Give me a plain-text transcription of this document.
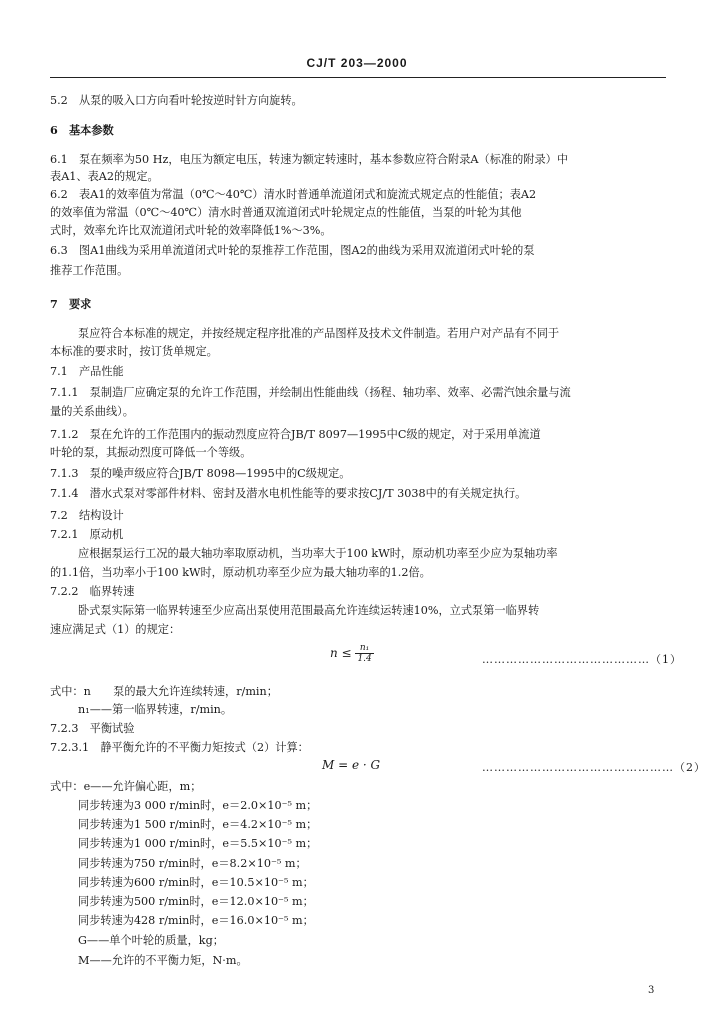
CJ/T 203—2000
5.2　从泵的吸入口方向看叶轮按逆时针方向旋转。
6　基本参数
6.1　泵在频率为50 Hz，电压为额定电压，转速为额定转速时，基本参数应符合附录A（标准的附录）中
表A1、表A2的规定。
6.2　表A1的效率值为常温（0℃～40℃）清水时普通单流道闭式和旋流式规定点的性能值；表A2
的效率值为常温（0℃～40℃）清水时普通双流道闭式叶轮规定点的性能值，当泵的叶轮为其他
式时，效率允许比双流道闭式叶轮的效率降低1%～3%。
6.3　图A1曲线为采用单流道闭式叶轮的泵推荐工作范围，图A2的曲线为采用双流道闭式叶轮的泵
推荐工作范围。
7　要求
泵应符合本标准的规定，并按经规定程序批准的产品图样及技术文件制造。若用户对产品有不同于
本标准的要求时，按订货单规定。
7.1　产品性能
7.1.1　泵制造厂应确定泵的允许工作范围，并绘制出性能曲线（扬程、轴功率、效率、必需汽蚀余量与流
量的关系曲线）。
7.1.2　泵在允许的工作范围内的振动烈度应符合JB/T 8097—1995中C级的规定，对于采用单流道
叶轮的泵，其振动烈度可降低一个等级。
7.1.3　泵的噪声级应符合JB/T 8098—1995中的C级规定。
7.1.4　潜水式泵对零部件材料、密封及潜水电机性能等的要求按CJ/T 3038中的有关规定执行。
7.2　结构设计
7.2.1　原动机
应根据泵运行工况的最大轴功率取原动机，当功率大于100 kW时，原动机功率至少应为泵轴功率
的1.1倍，当功率小于100 kW时，原动机功率至少应为最大轴功率的1.2倍。
7.2.2　临界转速
卧式泵实际第一临界转速至少应高出泵使用范围最高允许连续运转速10%，立式泵第一临界转
速应满足式（1）的规定：
$n \le \frac{\text{n₁}}{1.4}$	……………………………………（1）
式中：n　　泵的最大允许连续转速，r/min；
n₁——第一临界转速，r/min。
7.2.3　平衡试验
7.2.3.1　静平衡允许的不平衡力矩按式（2）计算：
M = e · G	…………………………………………（2）
式中：e——允许偏心距，m；
同步转速为3 000 r/min时，e＝2.0×10⁻⁵ m；
同步转速为1 500 r/min时，e＝4.2×10⁻⁵ m；
同步转速为1 000 r/min时，e＝5.5×10⁻⁵ m；
同步转速为750 r/min时，e＝8.2×10⁻⁵ m；
同步转速为600 r/min时，e＝10.5×10⁻⁵ m；
同步转速为500 r/min时，e＝12.0×10⁻⁵ m；
同步转速为428 r/min时，e＝16.0×10⁻⁵ m；
G——单个叶轮的质量，kg；
M——允许的不平衡力矩，N·m。
3
